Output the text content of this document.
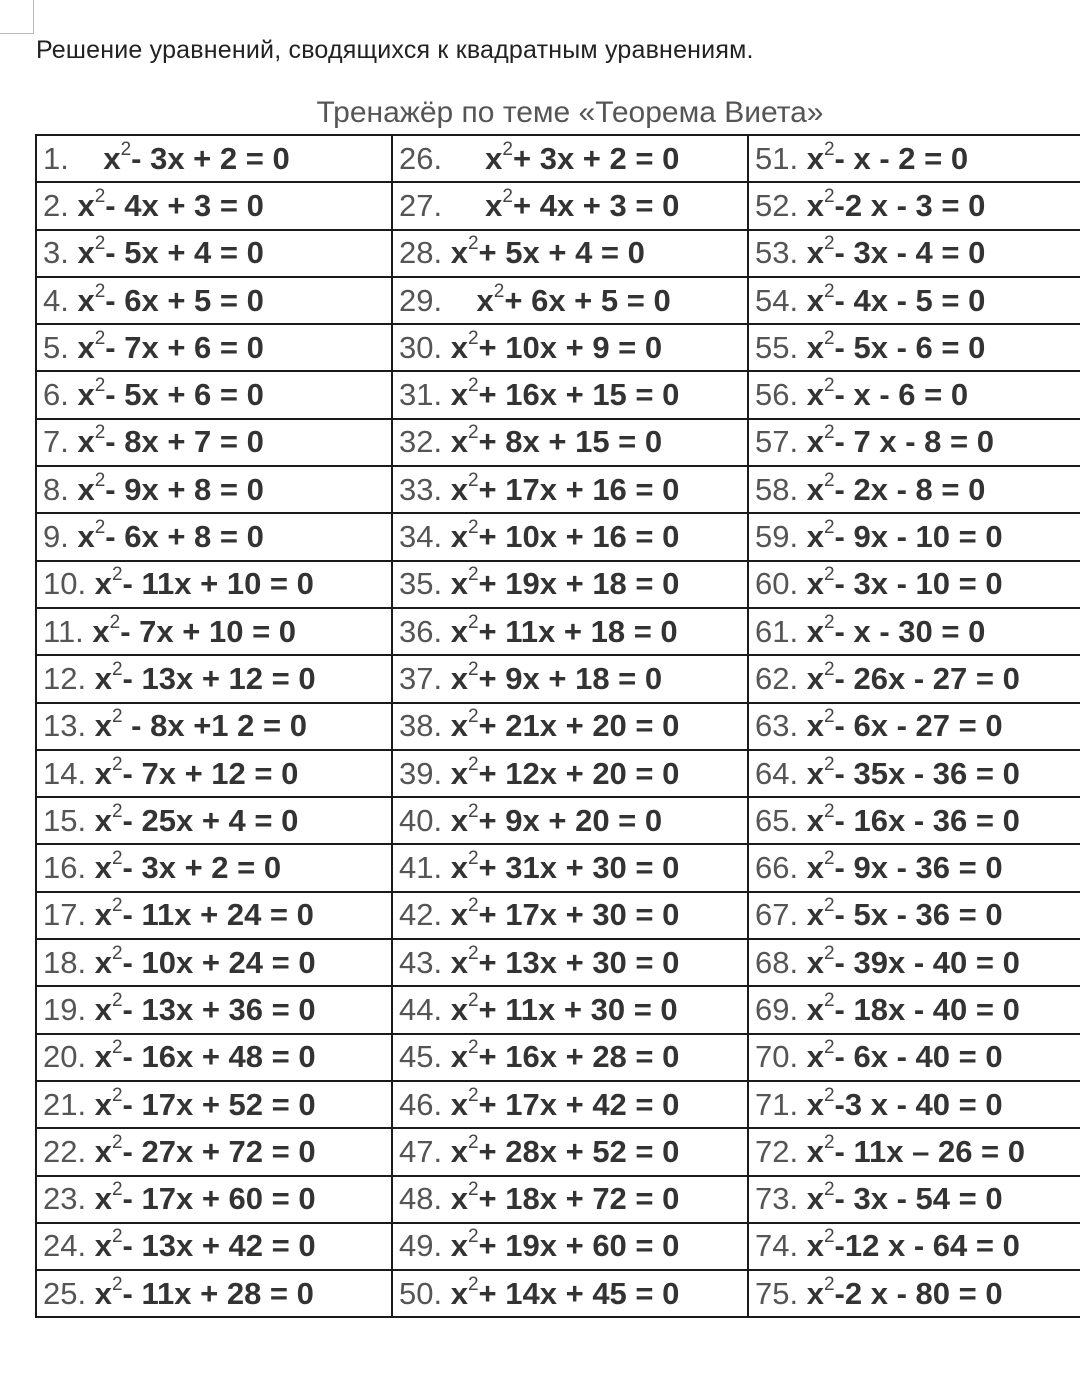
Решение уравнений, сводящихся к квадратным уравнениям.
Тренажёр по теме «Теорема Виета»
1.    $x^2-$ 3x + 2 = 0	26.     $x^2+ 3x + 2 = 0$	51. $x^2-$ x - 2 = 0
2. $x^2-$ 4x + 3 = 0	27.     $x^2+ 4x + 3 = 0$	52. $x^2-2$ x - 3 = 0
3. $x^2-$ 5x + 4 = 0	28. $x^2+ 5x + 4 = 0$	53. $x^2-$ 3x - 4 = 0
4. $x^2-$ 6x + 5 = 0	29.    $x^2+ 6x + 5 = 0$	54. $x^2-$ 4x - 5 = 0
5. $x^2-$ 7x + 6 = 0	30. $x^2+ 10x + 9 = 0$	55. $x^2-$ 5x - 6 = 0
6. $x^2-$ 5x + 6 = 0	31. $x^2+ 16x + 15 = 0$	56. $x^2-$ x - 6 = 0
7. $x^2-$ 8x + 7 = 0	32. $x^2+ 8x + 15 = 0$	57. $x^2-$ 7 x - 8 = 0
8. $x^2-$ 9x + 8 = 0	33. $x^2+ 17x + 16 = 0$	58. $x^2-$ 2x - 8 = 0
9. $x^2-$ 6x + 8 = 0	34. $x^2+ 10x + 16 = 0$	59. $x^2-$ 9x - 10 = 0
10. $x^2-$ 11x + 10 = 0	35. $x^2+ 19x + 18 = 0$	60. $x^2-$ 3x - 10 = 0
11. $x^2-$ 7x + 10 = 0	36. $x^2+ 11x + 18 = 0$	61. $x^2-$ x - 30 = 0
12. $x^2-$ 13x + 12 = 0	37. $x^2+ 9x + 18 = 0$	62. $x^2-$ 26x - 27 = 0
13. $x^2 - 8x +1$ 2 = 0	38. $x^2+ 21x + 20 = 0$	63. $x^2-$ 6x - 27 = 0
14. $x^2-$ 7x + 12 = 0	39. $x^2+ 12x + 20 = 0$	64. $x^2-$ 35x - 36 = 0
15. $x^2-$ 25x + 4 = 0	40. $x^2+ 9x + 20 = 0$	65. $x^2-$ 16x - 36 = 0
16. $x^2-$ 3x + 2 = 0	41. $x^2+ 31x + 30 = 0$	66. $x^2-$ 9x - 36 = 0
17. $x^2-$ 11x + 24 = 0	42. $x^2+ 17x + 30 = 0$	67. $x^2-$ 5x - 36 = 0
18. $x^2-$ 10x + 24 = 0	43. $x^2+ 13x + 30 = 0$	68. $x^2-$ 39x - 40 = 0
19. $x^2-$ 13x + 36 = 0	44. $x^2+ 11x + 30 = 0$	69. $x^2-$ 18x - 40 = 0
20. $x^2-$ 16x + 48 = 0	45. $x^2+ 16x + 28 = 0$	70. $x^2-$ 6x - 40 = 0
21. $x^2-$ 17x + 52 = 0	46. $x^2+ 17x + 42 = 0$	71. $x^2-3$ x - 40 = 0
22. $x^2-$ 27x + 72 = 0	47. $x^2+ 28x + 52 = 0$	72. $x^2-$ 11x – 26 = 0
23. $x^2-$ 17x + 60 = 0	48. $x^2+ 18x + 72 = 0$	73. $x^2-$ 3x - 54 = 0
24. $x^2-$ 13x + 42 = 0	49. $x^2+ 19x + 60 = 0$	74. $x^2-12$ x - 64 = 0
25. $x^2-$ 11x + 28 = 0	50. $x^2+ 14x + 45 = 0$	75. $x^2-2$ x - 80 = 0
